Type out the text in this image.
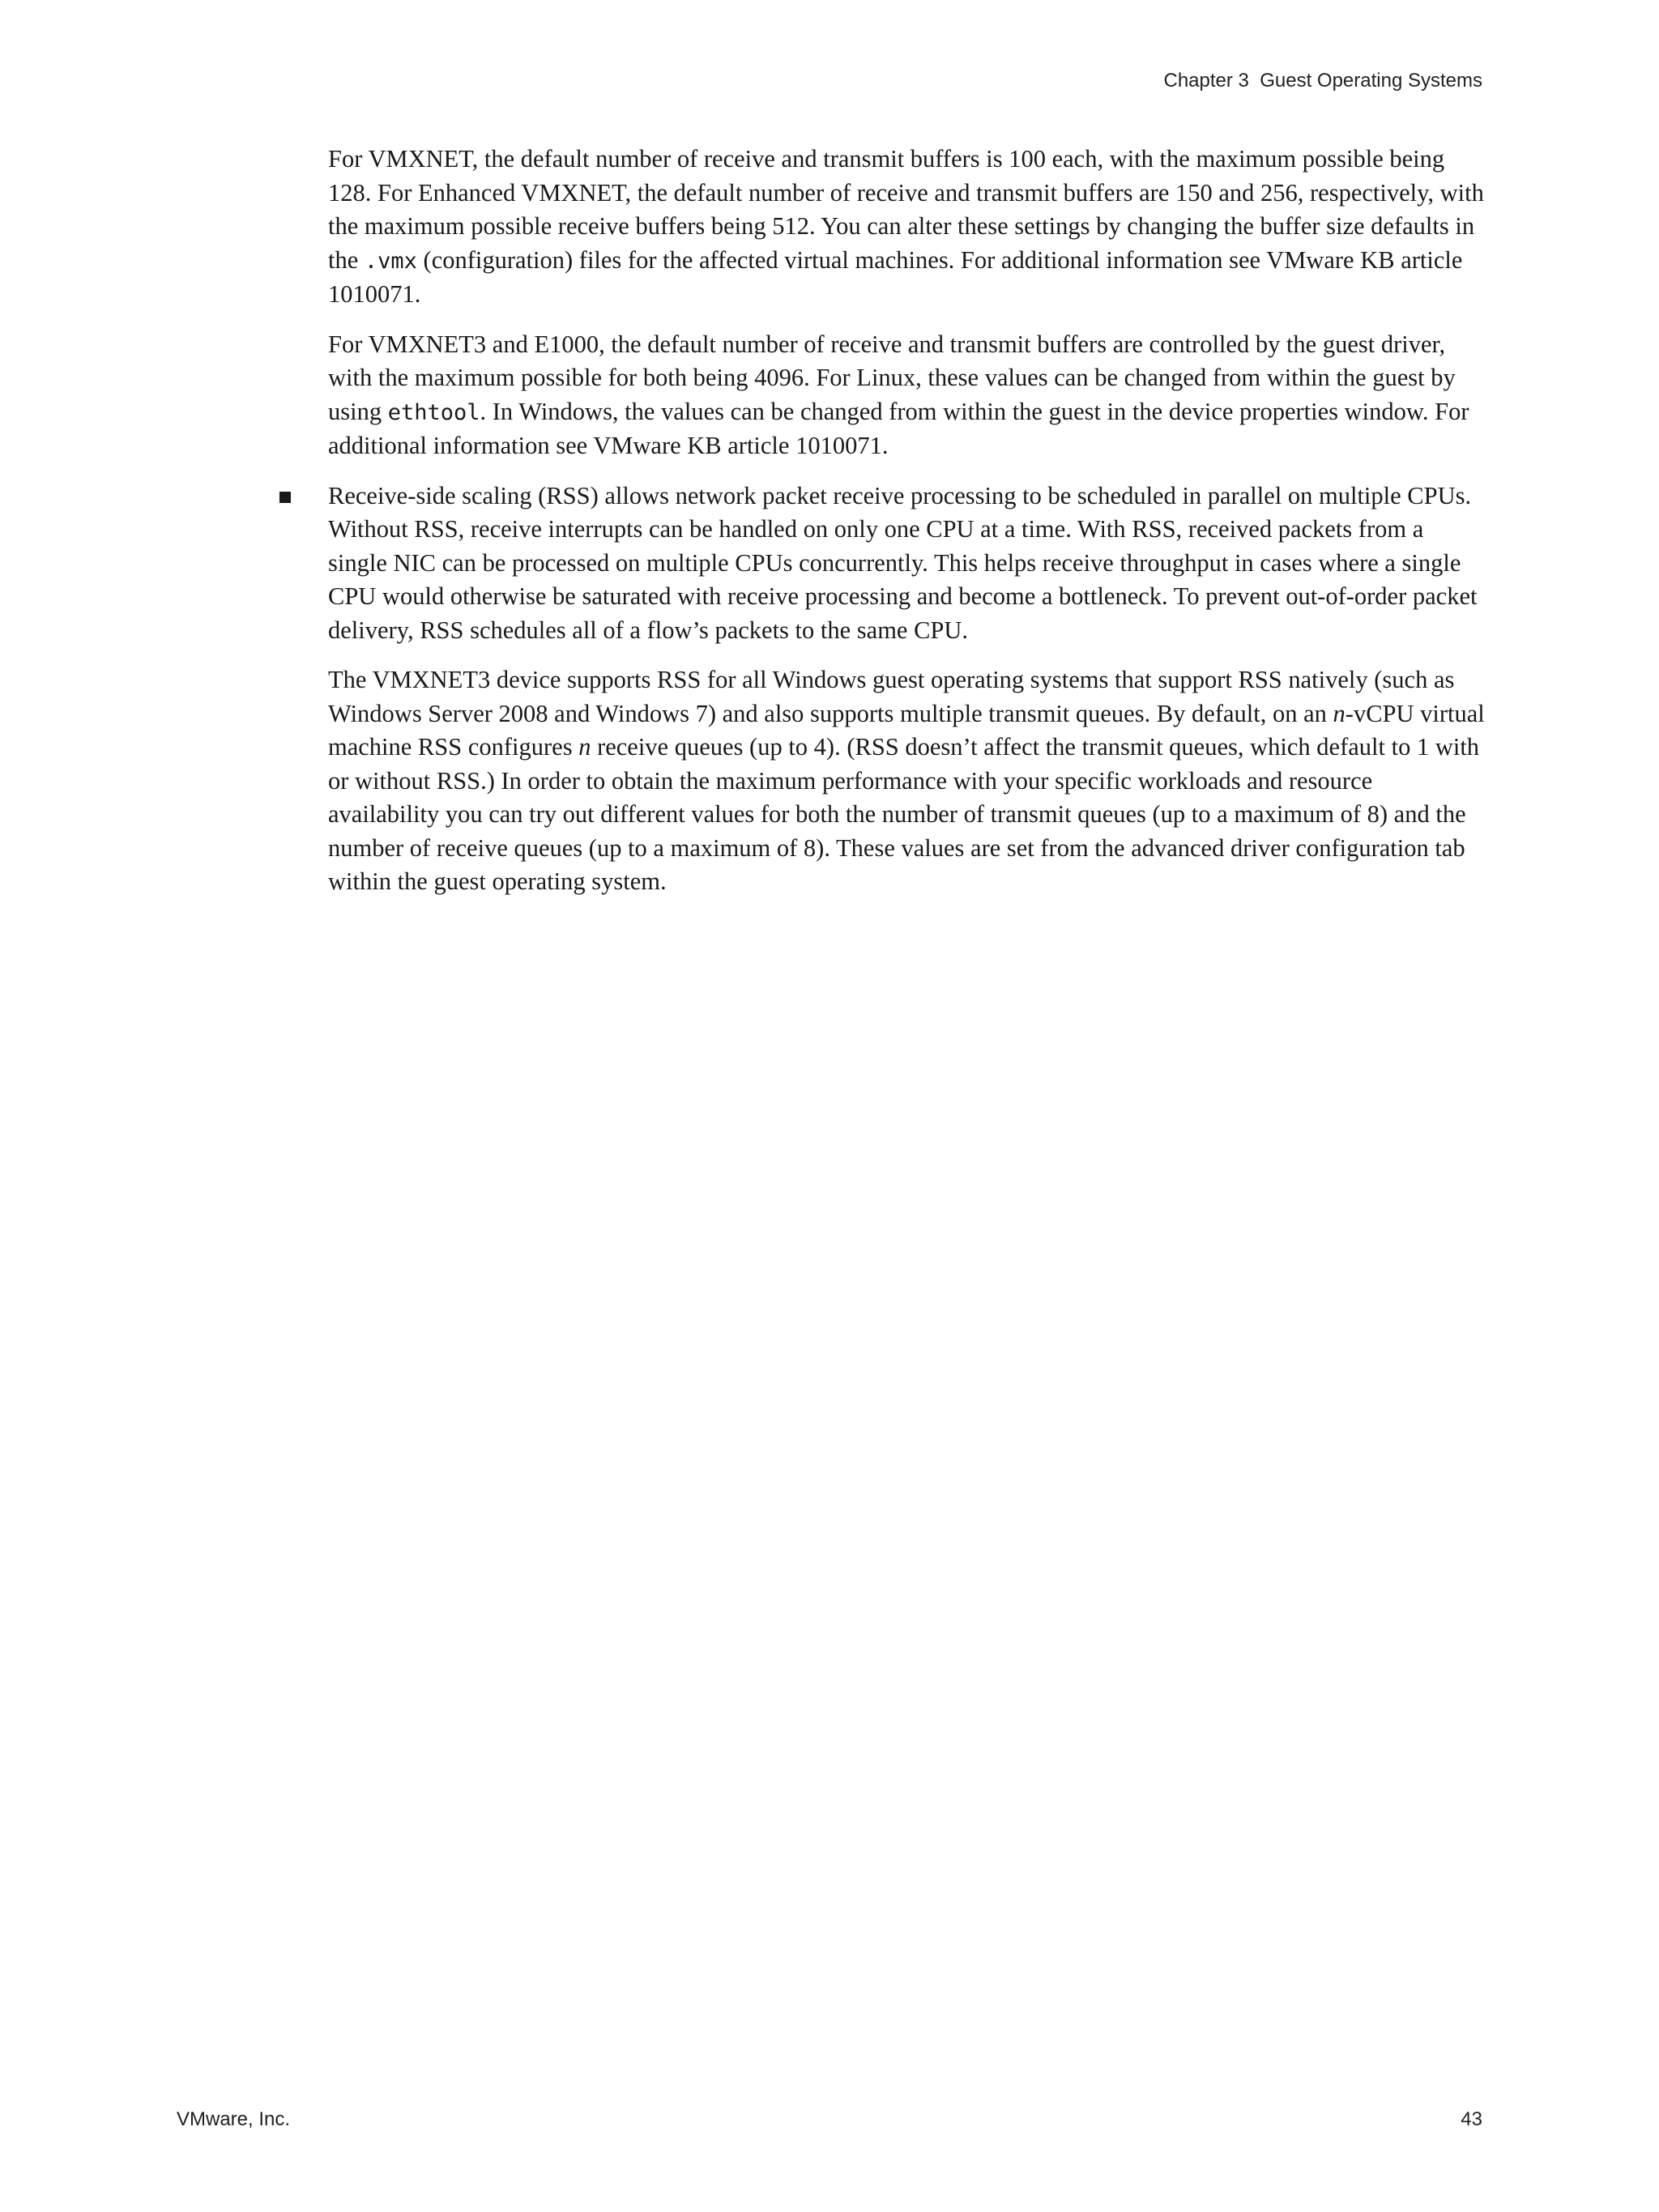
Chapter 3  Guest Operating Systems

For VMXNET, the default number of receive and transmit buffers is 100 each, with the maximum possible being 128. For Enhanced VMXNET, the default number of receive and transmit buffers are 150 and 256, respectively, with the maximum possible receive buffers being 512. You can alter these settings by changing the buffer size defaults in the .vmx (configuration) files for the affected virtual machines. For additional information see VMware KB article 1010071.

For VMXNET3 and E1000, the default number of receive and transmit buffers are controlled by the guest driver, with the maximum possible for both being 4096. For Linux, these values can be changed from within the guest by using ethtool. In Windows, the values can be changed from within the guest in the device properties window. For additional information see VMware KB article 1010071.

Receive-side scaling (RSS) allows network packet receive processing to be scheduled in parallel on multiple CPUs. Without RSS, receive interrupts can be handled on only one CPU at a time. With RSS, received packets from a single NIC can be processed on multiple CPUs concurrently. This helps receive throughput in cases where a single CPU would otherwise be saturated with receive processing and become a bottleneck. To prevent out-of-order packet delivery, RSS schedules all of a flow’s packets to the same CPU.

The VMXNET3 device supports RSS for all Windows guest operating systems that support RSS natively (such as Windows Server 2008 and Windows 7) and also supports multiple transmit queues. By default, on an n-vCPU virtual machine RSS configures n receive queues (up to 4). (RSS doesn’t affect the transmit queues, which default to 1 with or without RSS.) In order to obtain the maximum performance with your specific workloads and resource availability you can try out different values for both the number of transmit queues (up to a maximum of 8) and the number of receive queues (up to a maximum of 8). These values are set from the advanced driver configuration tab within the guest operating system.

VMware, Inc.	43
